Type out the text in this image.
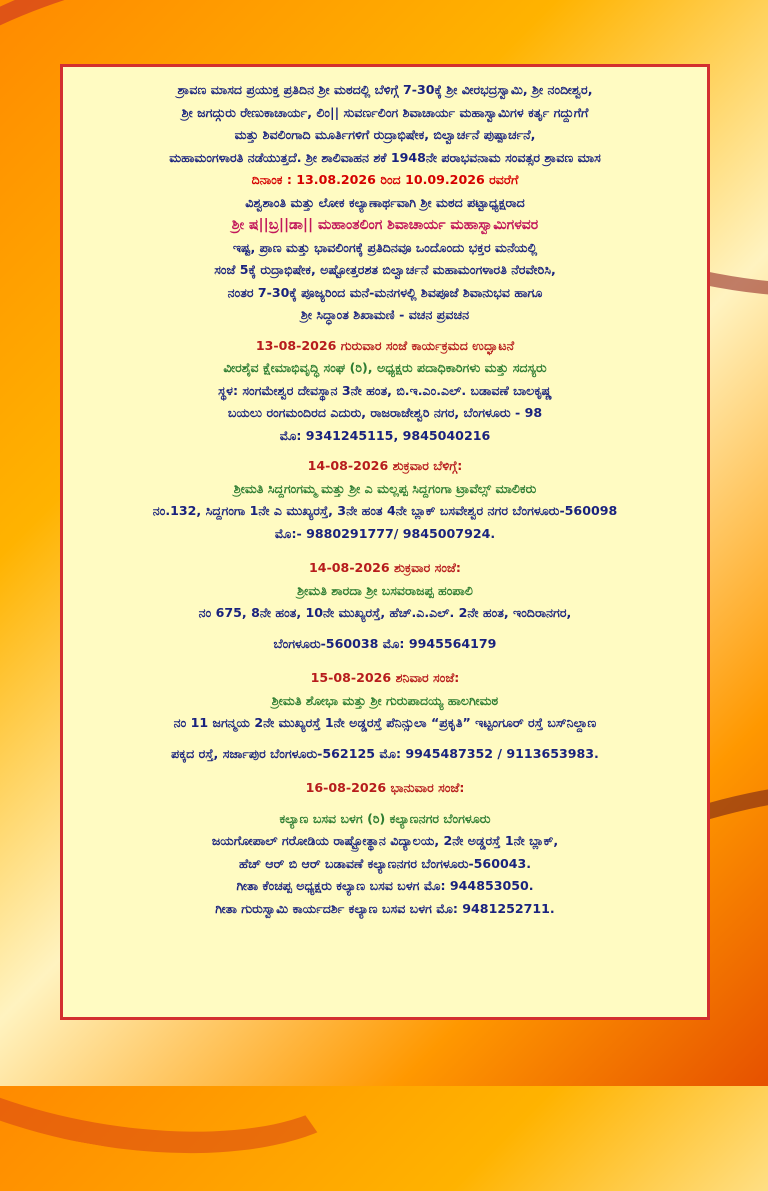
ಶ್ರಾವಣ ಮಾಸದ ಪ್ರಯುಕ್ತ ಪ್ರತಿದಿನ ಶ್ರೀ ಮಠದಲ್ಲಿ ಬೆಳಿಗ್ಗೆ 7-30ಕ್ಕೆ ಶ್ರೀ ವೀರಭದ್ರಸ್ವಾಮಿ, ಶ್ರೀ ನಂದೀಶ್ವರ,
ಶ್ರೀ ಜಗದ್ಗುರು ರೇಣುಕಾಚಾರ್ಯ, ಲಿಂ|| ಸುವರ್ಣಲಿಂಗ ಶಿವಾಚಾರ್ಯ ಮಹಾಸ್ವಾಮಿಗಳ ಕರ್ತೃ ಗದ್ದುಗೆಗೆ
ಮತ್ತು ಶಿವಲಿಂಗಾದಿ ಮೂರ್ತಿಗಳಿಗೆ ರುದ್ರಾಭಿಷೇಕ, ಬಿಲ್ವಾರ್ಚನೆ ಪುಷ್ಪಾರ್ಚನೆ,
ಮಹಾಮಂಗಳಾರತಿ ನಡೆಯುತ್ತದೆ. ಶ್ರೀ ಶಾಲಿವಾಹನ ಶಕೆ 1948ನೇ ಪರಾಭವನಾಮ ಸಂವತ್ಸರ ಶ್ರಾವಣ ಮಾಸ
ದಿನಾಂಕ : 13.08.2026 ರಿಂದ 10.09.2026 ರವರೆಗೆ
ವಿಶ್ವಶಾಂತಿ ಮತ್ತು ಲೋಕ ಕಲ್ಯಾಣಾರ್ಥವಾಗಿ ಶ್ರೀ ಮಠದ ಪಟ್ಟಾಧ್ಯಕ್ಷರಾದ
ಶ್ರೀ ಷ||ಬ್ರ||ಡಾ|| ಮಹಾಂತಲಿಂಗ ಶಿವಾಚಾರ್ಯ ಮಹಾಸ್ವಾಮಿಗಳವರ
ಇಷ್ಟ, ಪ್ರಾಣ ಮತ್ತು ಭಾವಲಿಂಗಕ್ಕೆ ಪ್ರತಿದಿನವೂ ಒಂದೊಂದು ಭಕ್ತರ ಮನೆಯಲ್ಲಿ
ಸಂಜೆ 5ಕ್ಕೆ ರುದ್ರಾಭಿಷೇಕ, ಅಷ್ಟೋತ್ತರಶತ ಬಿಲ್ವಾರ್ಚನೆ ಮಹಾಮಂಗಳಾರತಿ ನೆರವೇರಿಸಿ,
ನಂತರ 7-30ಕ್ಕೆ ಪೂಜ್ಯರಿಂದ ಮನೆ-ಮನಗಳಲ್ಲಿ ಶಿವಪೂಜೆ ಶಿವಾನುಭವ ಹಾಗೂ
ಶ್ರೀ ಸಿದ್ಧಾಂತ ಶಿಖಾಮಣಿ - ವಚನ ಪ್ರವಚನ
13-08-2026 ಗುರುವಾರ ಸಂಜೆ ಕಾರ್ಯಕ್ರಮದ ಉದ್ಘಾಟನೆ
ವೀರಶೈವ ಕ್ಷೇಮಾಭಿವೃದ್ಧಿ ಸಂಘ (ರಿ), ಅಧ್ಯಕ್ಷರು ಪದಾಧಿಕಾರಿಗಳು ಮತ್ತು ಸದಸ್ಯರು
ಸ್ಥಳ: ಸಂಗಮೇಶ್ವರ ದೇವಸ್ಥಾನ 3ನೇ ಹಂತ, ಬಿ.ಇ.ಎಂ.ಎಲ್. ಬಡಾವಣೆ ಬಾಲಕೃಷ್ಣ
ಬಯಲು ರಂಗಮಂದಿರದ ಎದುರು, ರಾಜರಾಜೇಶ್ವರಿ ನಗರ, ಬೆಂಗಳೂರು - 98
ಮೊ: 9341245115, 9845040216
14-08-2026 ಶುಕ್ರವಾರ ಬೆಳಿಗ್ಗೆ:
ಶ್ರೀಮತಿ ಸಿದ್ದಗಂಗಮ್ಮ ಮತ್ತು ಶ್ರೀ ಎ ಮಲ್ಲಪ್ಪ ಸಿದ್ದಗಂಗಾ ಟ್ರಾವೆಲ್ಸ್ ಮಾಲಿಕರು
ನಂ.132, ಸಿದ್ದಗಂಗಾ 1ನೇ ಎ ಮುಖ್ಯರಸ್ತೆ, 3ನೇ ಹಂತ 4ನೇ ಬ್ಲಾಕ್ ಬಸವೇಶ್ವರ ನಗರ ಬೆಂಗಳೂರು-560098
ಮೊ:- 9880291777/ 9845007924.
14-08-2026 ಶುಕ್ರವಾರ ಸಂಜೆ:
ಶ್ರೀಮತಿ ಶಾರದಾ ಶ್ರೀ ಬಸವರಾಜಪ್ಪ ಹಂಪಾಲಿ
ನಂ 675, 8ನೇ ಹಂತ, 10ನೇ ಮುಖ್ಯರಸ್ತೆ, ಹೆಚ್.ಎ.ಎಲ್. 2ನೇ ಹಂತ, ಇಂದಿರಾನಗರ,
ಬೆಂಗಳೂರು-560038 ಮೊ: 9945564179
15-08-2026 ಶನಿವಾರ ಸಂಜೆ:
ಶ್ರೀಮತಿ ಶೋಭಾ ಮತ್ತು ಶ್ರೀ ಗುರುಪಾದಯ್ಯ ಹಾಲಗೀಮಠ
ನಂ 11 ಜಗನ್ಮಯ 2ನೇ ಮುಖ್ಯರಸ್ತೆ 1ನೇ ಅಡ್ಡರಸ್ತೆ ಪೆನಿನ್ಸುಲಾ “ಪ್ರಕೃತಿ” ಇಟ್ಟಂಗೂರ್ ರಸ್ತೆ ಬಸ್‌ನಿಲ್ದಾಣ
ಪಕ್ಕದ ರಸ್ತೆ, ಸರ್ಜಾಪುರ ಬೆಂಗಳೂರು-562125 ಮೊ: 9945487352 / 9113653983.
16-08-2026 ಭಾನುವಾರ ಸಂಜೆ:
ಕಲ್ಯಾಣ ಬಸವ ಬಳಗ (ರಿ) ಕಲ್ಯಾಣನಗರ ಬೆಂಗಳೂರು
ಜಯಗೋಪಾಲ್ ಗರೋಡಿಯ ರಾಷ್ಟ್ರೋತ್ಥಾನ ವಿದ್ಯಾಲಯ, 2ನೇ ಅಡ್ಡರಸ್ತೆ 1ನೇ ಬ್ಲಾಕ್,
ಹೆಚ್ ಆರ್ ಬಿ ಆರ್ ಬಡಾವಣೆ ಕಲ್ಯಾಣನಗರ ಬೆಂಗಳೂರು-560043.
ಗೀತಾ ಕೆಂಚಪ್ಪ ಅಧ್ಯಕ್ಷರು ಕಲ್ಯಾಣ ಬಸವ ಬಳಗ ಮೊ: 944853050.
ಗೀತಾ ಗುರುಸ್ವಾಮಿ ಕಾರ್ಯದರ್ಶಿ ಕಲ್ಯಾಣ ಬಸವ ಬಳಗ ಮೊ: 9481252711.
